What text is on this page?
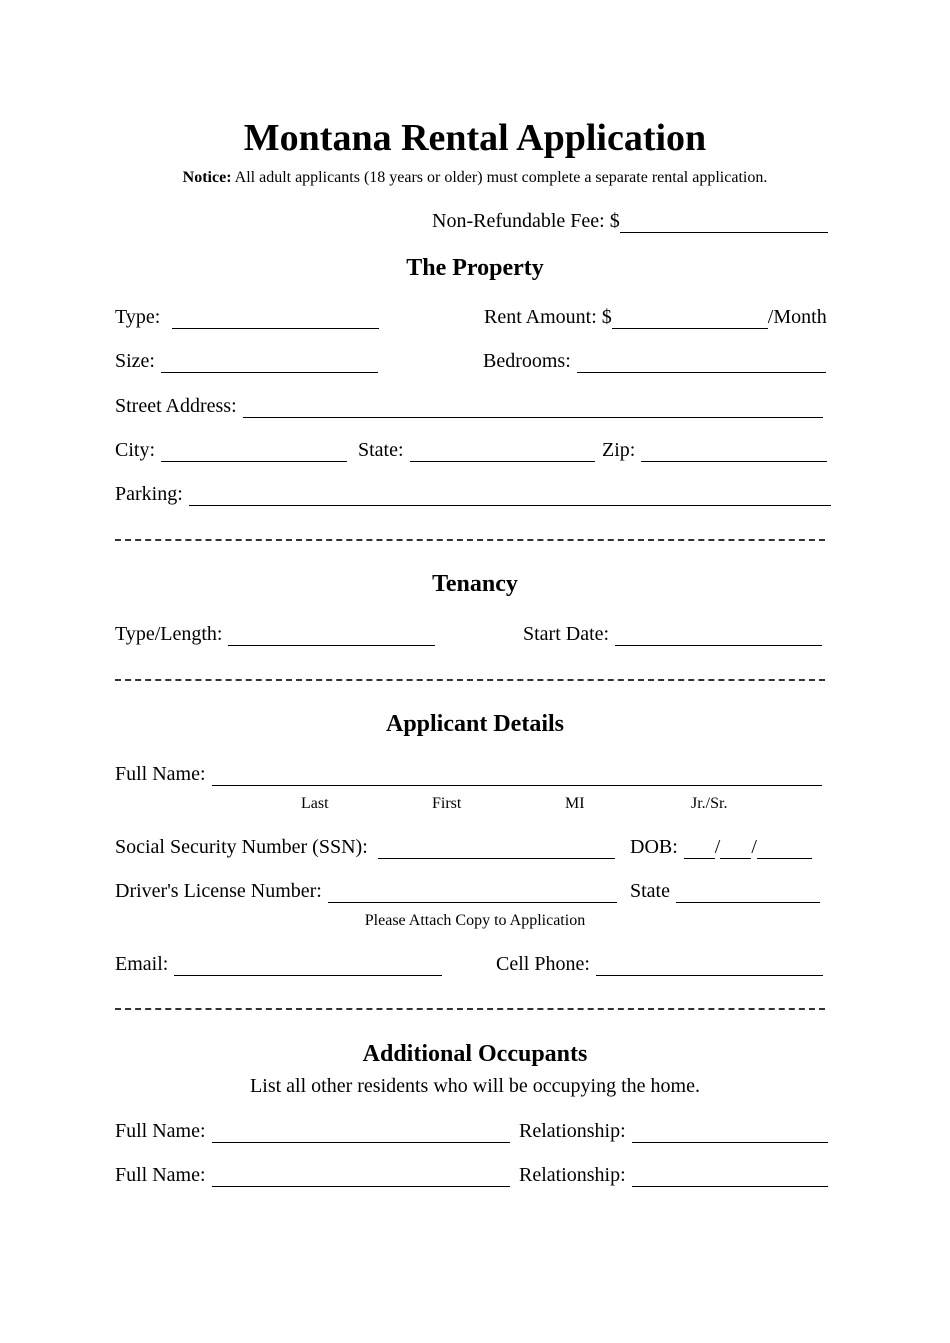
Montana Rental Application
Notice: All adult applicants (18 years or older) must complete a separate rental application.
Non-Refundable Fee: $
The Property
Type:	Rent Amount: $	/Month
Size:	Bedrooms:
Street Address:
City:	State:	Zip:
Parking:
Tenancy
Type/Length:	Start Date:
Applicant Details
Full Name:
Last	First	MI	Jr./Sr.
Social Security Number (SSN):	DOB: / /
Driver's License Number:	State
Please Attach Copy to Application
Email:	Cell Phone:
Additional Occupants
List all other residents who will be occupying the home.
Full Name:	Relationship:
Full Name:	Relationship:
